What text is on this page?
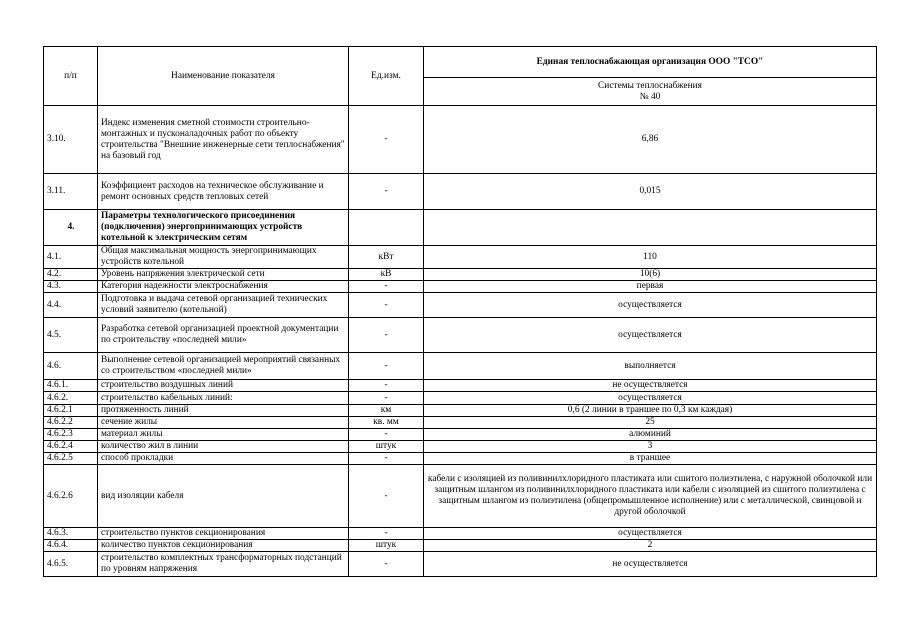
п/п	Наименование показателя	Ед.изм.	Единая теплоснабжающая организация ООО "ТСО"

			Системы теплоснабжения
№ 40

3.10.	Индекс изменения сметной стоимости строительно-монтажных и пусконаладочных работ по объекту строительства "Внешние инженерные сети теплоснабжения" на базовый год	-	6,86
3.11.	Коэффициент расходов на техническое обслуживание и ремонт основных средств тепловых сетей	-	0,015
4.	Параметры технологического присоединения (подключения) энергопринимающих устройств котельной к электрическим сетям		
4.1.	Общая максимальная мощность энергопринимающих устройств котельной	кВт	110
4.2.	Уровень напряжения электрической сети	кВ	10(6)
4.3.	Категория надежности электроснабжения	-	первая
4.4.	Подготовка и выдача сетевой организацией технических условий заявителю (котельной)	-	осуществляется
4.5.	Разработка сетевой организацией проектной документации по строительству «последней мили»	-	осуществляется
4.6.	Выполнение сетевой организацией мероприятий связанных со строительством «последней мили»	-	выполняется
4.6.1.	строительство воздушных линий	-	не осуществляется
4.6.2.	строительство кабельных линий:	-	осуществляется
4.6.2.1	протяженность линий	км	0,6 (2 линии в траншее по 0,3 км каждая)
4.6.2.2	сечение жилы	кв. мм	25
4.6.2.3	материал жилы	-	алюминий
4.6.2.4	количество жил в линии	штук	3
4.6.2.5	способ прокладки	-	в траншее
4.6.2.6	вид изоляции кабеля	-	кабели с изоляцией из поливинилхлоридного пластиката или сшитого полиэтилена, с наружной оболочкой или защитным шлангом из поливинилхлоридного пластиката или кабели с изоляцией из сшитого полиэтилена с защитным шлангом из полиэтилена (общепромышленное исполнение) или с металлической, свинцовой и другой оболочкой
4.6.3.	строительство пунктов секционирования	-	осуществляется
4.6.4.	количество пунктов секционирования	штук	2
4.6.5.	строительство комплектных трансформаторных подстанций по уровням напряжения	-	не осуществляется
